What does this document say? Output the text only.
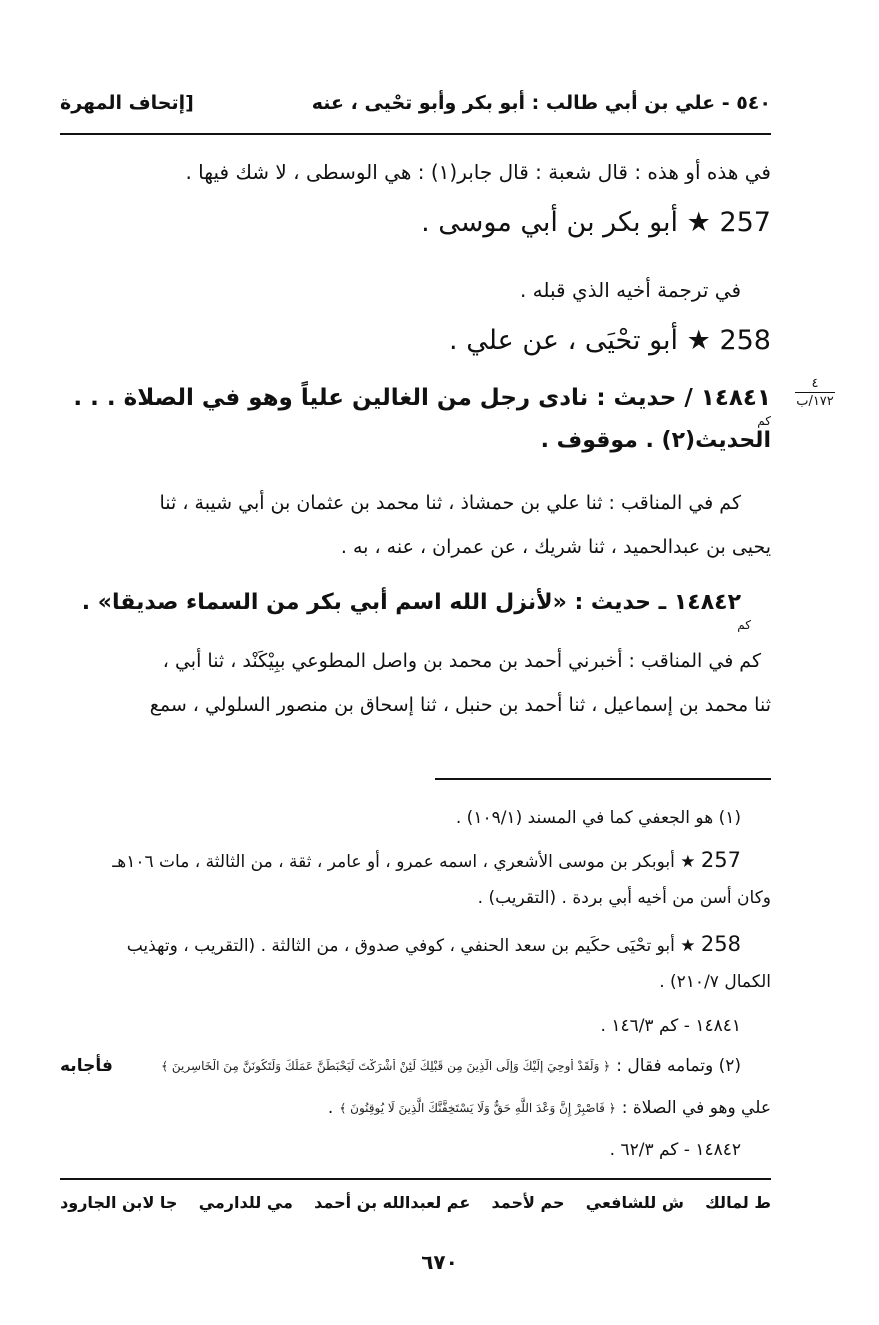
٥٤٠ - علي بن أبي طالب : أبو بكر وأبو تحْيى ، عنه
[إتحاف المهرة
في هذه أو هذه : قال شعبة : قال جابر(١) : هي الوسطى ، لا شك فيها .
257 ★ أبو بكر بن أبي موسى .
في ترجمة أخيه الذي قبله .
258 ★ أبو تحْيَى ، عن علي .
٤
١٧٢/ب
١٤٨٤١ / حديث : نادى رجل من الغالين علياً وهو في الصلاة . . .
كم
الحديث(٢) . موقوف .
كم في المناقب : ثنا علي بن حمشاذ ، ثنا محمد بن عثمان بن أبي شيبة ، ثنا
يحيى بن عبدالحميد ، ثنا شريك ، عن عمران ، عنه ، به .
١٤٨٤٢ ـ حديث : «لأنزل الله اسم أبي بكر من السماء صديقا» .
كم
كم في المناقب : أخبرني أحمد بن محمد بن واصل المطوعي ببِيْكَنْد ، ثنا أبي ،
ثنا محمد بن إسماعيل ، ثنا أحمد بن حنبل ، ثنا إسحاق بن منصور السلولي ، سمع
(١) هو الجعفي كما في المسند (١٠٩/١) .
257 ★ أبوبكر بن موسى الأشعري ، اسمه عمرو ، أو عامر ، ثقة ، من الثالثة ، مات ١٠٦هـ
وكان أسن من أخيه أبي بردة . (التقريب) .
258 ★ أبو تحْيَى حكَيم بن سعد الحنفي ، كوفي صدوق ، من الثالثة . (التقريب ، وتهذيب
الكمال ٢١٠/٧) .
١٤٨٤١ - كم ١٤٦/٣ .
(٢) وتمامه فقال :
﴿ وَلَقَدْ أُوحِيَ إِلَيْكَ وَإِلَى الَّذِينَ مِن قَبْلِكَ لَئِنْ أَشْرَكْتَ لَيَحْبَطَنَّ عَمَلُكَ وَلَتَكُونَنَّ مِنَ الْخَاسِرِينَ ﴾
فأجابه
علي وهو في الصلاة :
﴿ فَاصْبِرْ إِنَّ وَعْدَ اللَّهِ حَقٌّ وَلَا يَسْتَخِفَّنَّكَ الَّذِينَ لَا يُوقِنُونَ ﴾
.
١٤٨٤٢ - كم ٦٢/٣ .
ط لمالك
ش للشافعي
حم لأحمد
عم لعبدالله بن أحمد
مي للدارمي
جا لابن الجارود
٦٧٠
